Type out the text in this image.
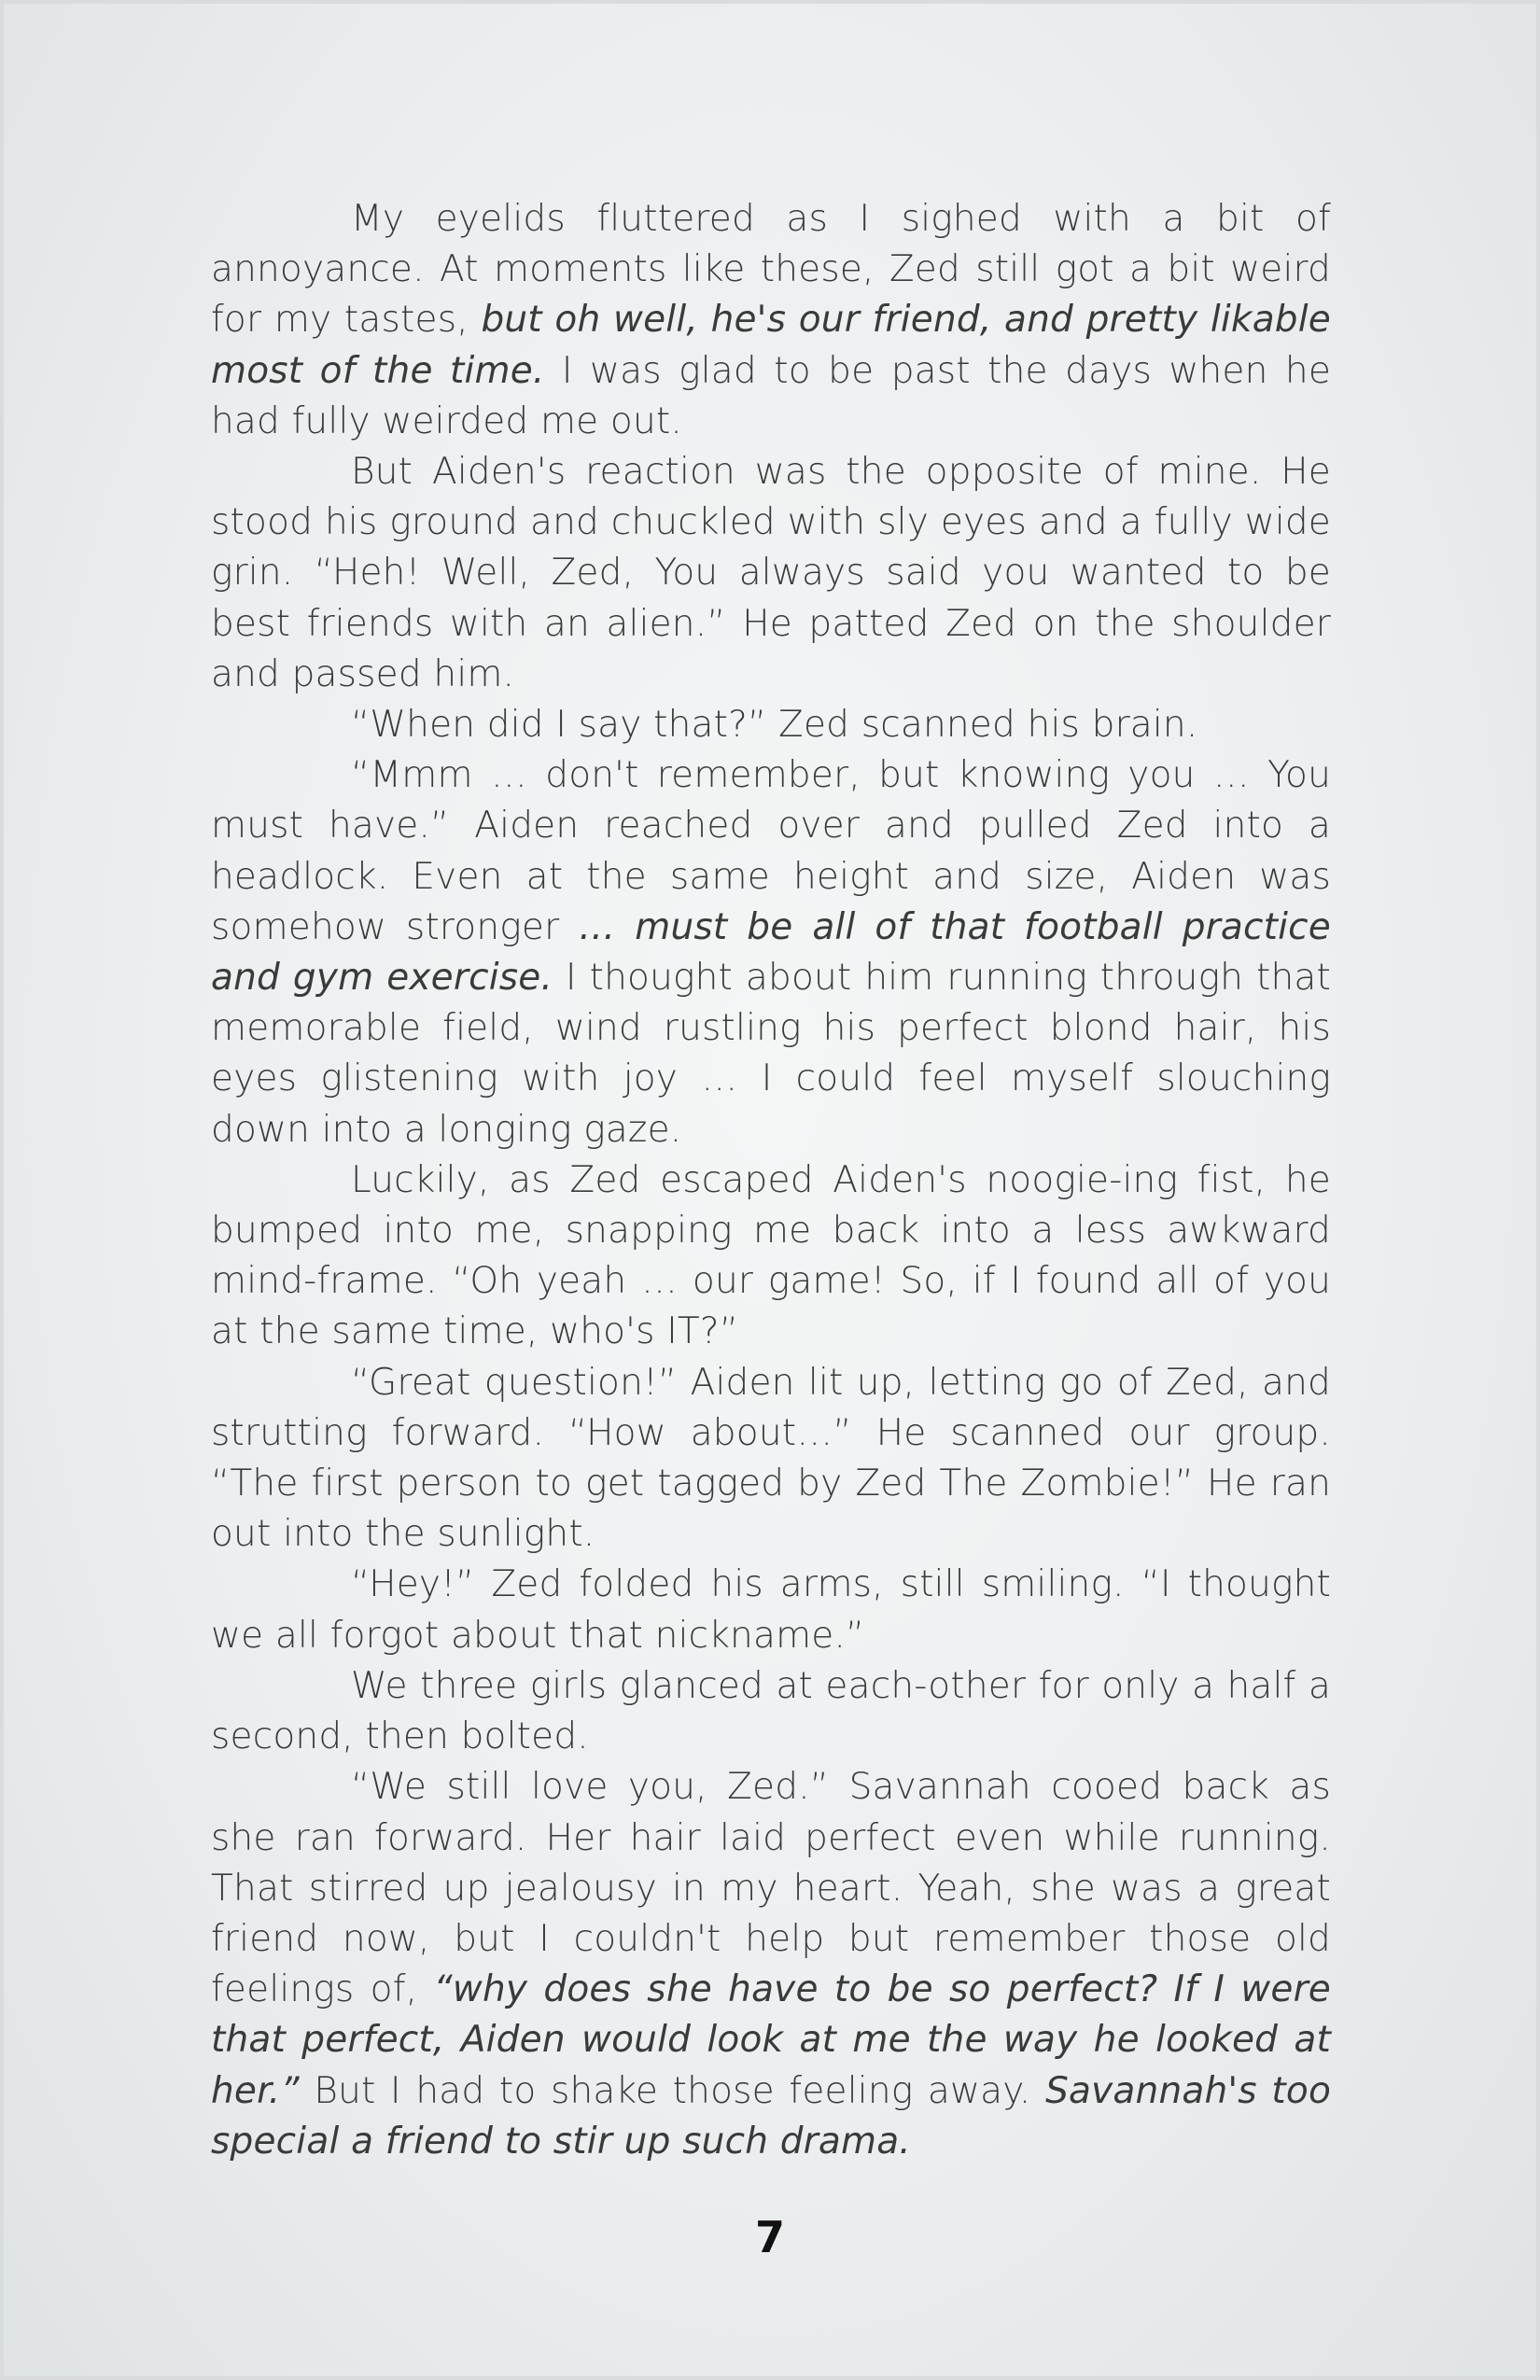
My eyelids fluttered as I sighed with a bit of annoyance. At moments like these, Zed still got a bit weird for my tastes, but oh well, he's our friend, and pretty likable most of the time. I was glad to be past the days when he had fully weirded me out.

But Aiden's reaction was the opposite of mine. He stood his ground and chuckled with sly eyes and a fully wide grin. “Heh! Well, Zed, You always said you wanted to be best friends with an alien.” He patted Zed on the shoulder and passed him.

“When did I say that?” Zed scanned his brain.

“Mmm … don't remember, but knowing you … You must have.” Aiden reached over and pulled Zed into a headlock. Even at the same height and size, Aiden was somehow stronger … must be all of that football practice and gym exercise. I thought about him running through that memorable field, wind rustling his perfect blond hair, his eyes glistening with joy … I could feel myself slouching down into a longing gaze.

Luckily, as Zed escaped Aiden's noogie-ing fist, he bumped into me, snapping me back into a less awkward mind-frame. “Oh yeah … our game! So, if I found all of you at the same time, who's IT?”

“Great question!” Aiden lit up, letting go of Zed, and strutting forward. “How about…” He scanned our group. “The first person to get tagged by Zed The Zombie!” He ran out into the sunlight.

“Hey!” Zed folded his arms, still smiling. “I thought we all forgot about that nickname.”

We three girls glanced at each-other for only a half a second, then bolted.

“We still love you, Zed.” Savannah cooed back as she ran forward. Her hair laid perfect even while running. That stirred up jealousy in my heart. Yeah, she was a great friend now, but I couldn't help but remember those old feelings of, “why does she have to be so perfect? If I were that perfect, Aiden would look at me the way he looked at her.” But I had to shake those feeling away. Savannah's too special a friend to stir up such drama.

7
